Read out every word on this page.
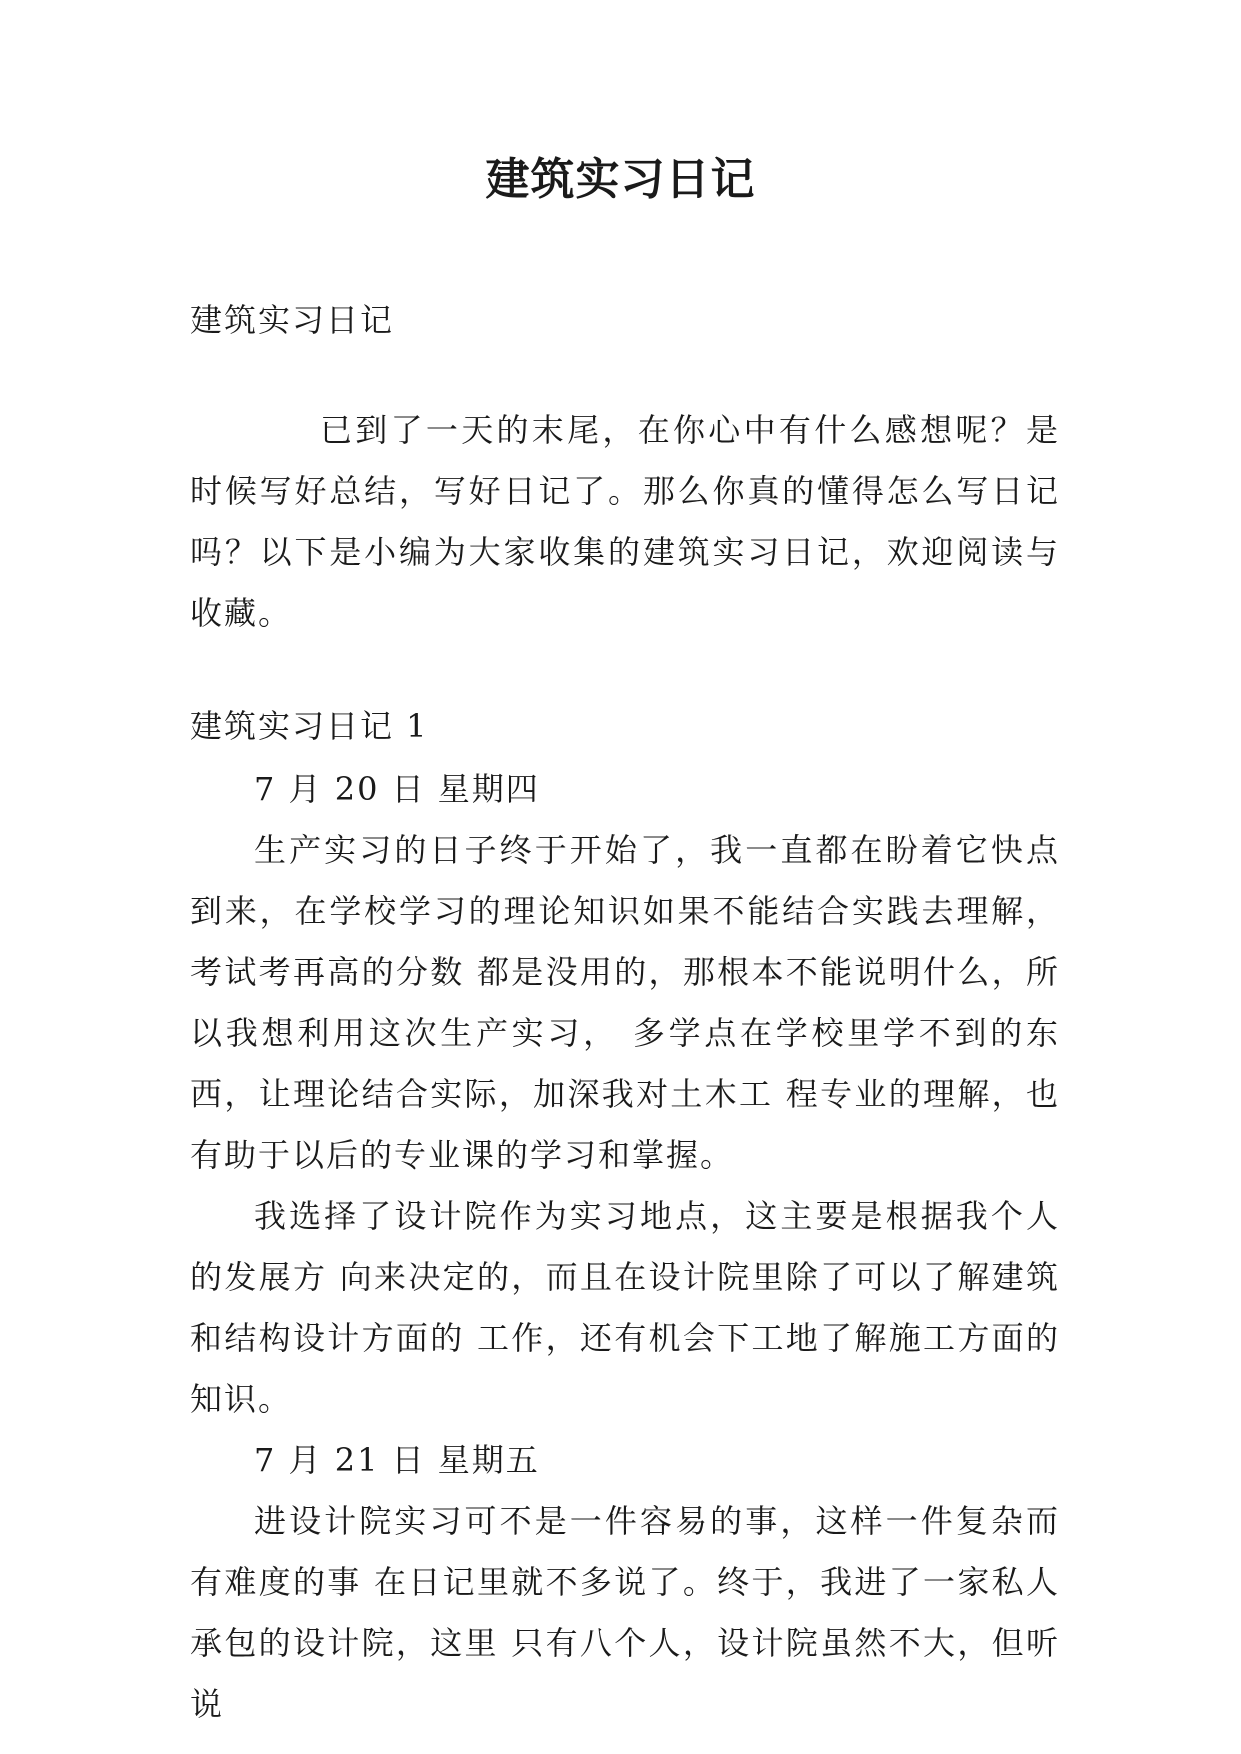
建筑实习日记

建筑实习日记

已到了一天的末尾，在你心中有什么感想呢？是时候写好总结，写好日记了。那么你真的懂得怎么写日记吗？以下是小编为大家收集的建筑实习日记，欢迎阅读与收藏。

建筑实习日记 1

7 月 20 日 星期四

生产实习的日子终于开始了，我一直都在盼着它快点到来，在学校学习的理论知识如果不能结合实践去理解，考试考再高的分数 都是没用的，那根本不能说明什么，所以我想利用这次生产实习， 多学点在学校里学不到的东西，让理论结合实际，加深我对土木工 程专业的理解，也有助于以后的专业课的学习和掌握。

我选择了设计院作为实习地点，这主要是根据我个人的发展方 向来决定的，而且在设计院里除了可以了解建筑和结构设计方面的 工作，还有机会下工地了解施工方面的知识。

7 月 21 日 星期五

进设计院实习可不是一件容易的事，这样一件复杂而有难度的事 在日记里就不多说了。终于，我进了一家私人承包的设计院，这里 只有八个人，设计院虽然不大，但听说
